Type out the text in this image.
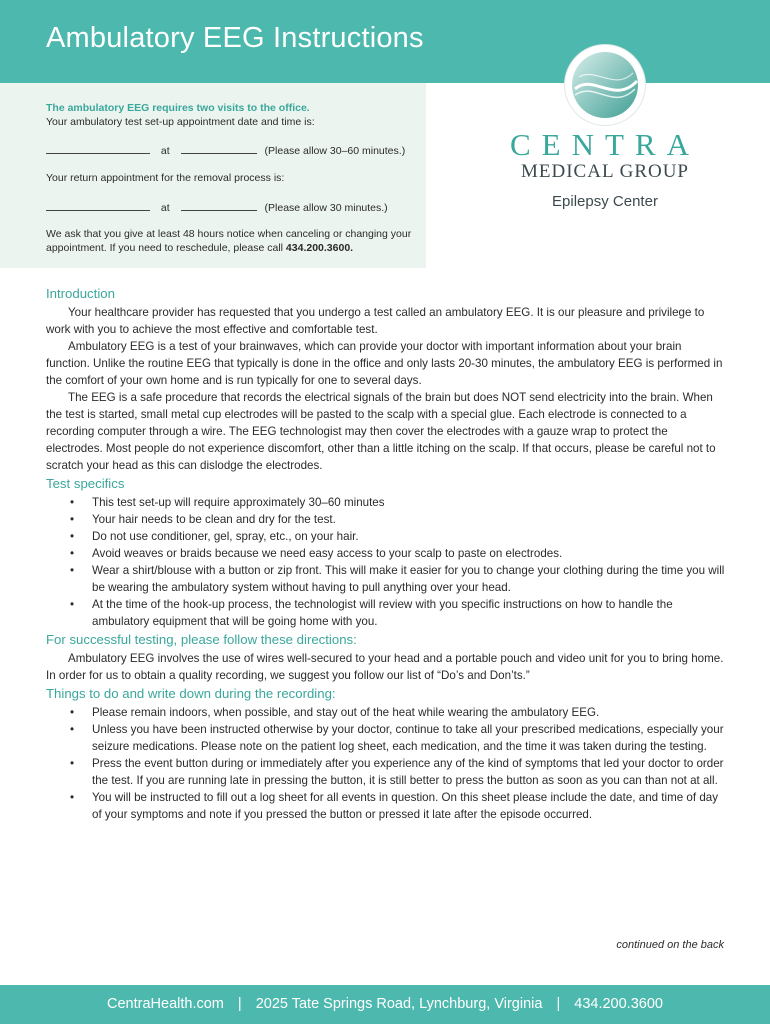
Ambulatory EEG Instructions
The ambulatory EEG requires two visits to the office.
Your ambulatory test set-up appointment date and time is:
at	(Please allow 30–60 minutes.)
Your return appointment for the removal process is:
at	(Please allow 30 minutes.)
We ask that you give at least 48 hours notice when canceling or changing your appointment. If you need to reschedule, please call 434.200.3600.
CENTRA
MEDICAL GROUP
Epilepsy Center
Introduction

Your healthcare provider has requested that you undergo a test called an ambulatory EEG. It is our pleasure and privilege to work with you to achieve the most effective and comfortable test.

Ambulatory EEG is a test of your brainwaves, which can provide your doctor with important information about your brain function. Unlike the routine EEG that typically is done in the office and only lasts 20-30 minutes, the ambulatory EEG is performed in the comfort of your own home and is run typically for one to several days.

The EEG is a safe procedure that records the electrical signals of the brain but does NOT send electricity into the brain. When the test is started, small metal cup electrodes will be pasted to the scalp with a special glue. Each electrode is connected to a recording computer through a wire. The EEG technologist may then cover the electrodes with a gauze wrap to protect the electrodes. Most people do not experience discomfort, other than a little itching on the scalp. If that occurs, please be careful not to scratch your head as this can dislodge the electrodes.

Test specifics
• This test set-up will require approximately 30–60 minutes
• Your hair needs to be clean and dry for the test.
• Do not use conditioner, gel, spray, etc., on your hair.
• Avoid weaves or braids because we need easy access to your scalp to paste on electrodes.
• Wear a shirt/blouse with a button or zip front. This will make it easier for you to change your clothing during the time you will be wearing the ambulatory system without having to pull anything over your head.
• At the time of the hook-up process, the technologist will review with you specific instructions on how to handle the ambulatory equipment that will be going home with you.
For successful testing, please follow these directions:

Ambulatory EEG involves the use of wires well-secured to your head and a portable pouch and video unit for you to bring home. In order for us to obtain a quality recording, we suggest you follow our list of “Do’s and Don’ts.”

Things to do and write down during the recording:
• Please remain indoors, when possible, and stay out of the heat while wearing the ambulatory EEG.
• Unless you have been instructed otherwise by your doctor, continue to take all your prescribed medications, especially your seizure medications. Please note on the patient log sheet, each medication, and the time it was taken during the testing.
• Press the event button during or immediately after you experience any of the kind of symptoms that led your doctor to order the test. If you are running late in pressing the button, it is still better to press the button as soon as you can than not at all.
• You will be instructed to fill out a log sheet for all events in question. On this sheet please include the date, and time of day of your symptoms and note if you pressed the button or pressed it late after the episode occurred.
continued on the back
CentraHealth.com | 2025 Tate Springs Road, Lynchburg, Virginia | 434.200.3600
